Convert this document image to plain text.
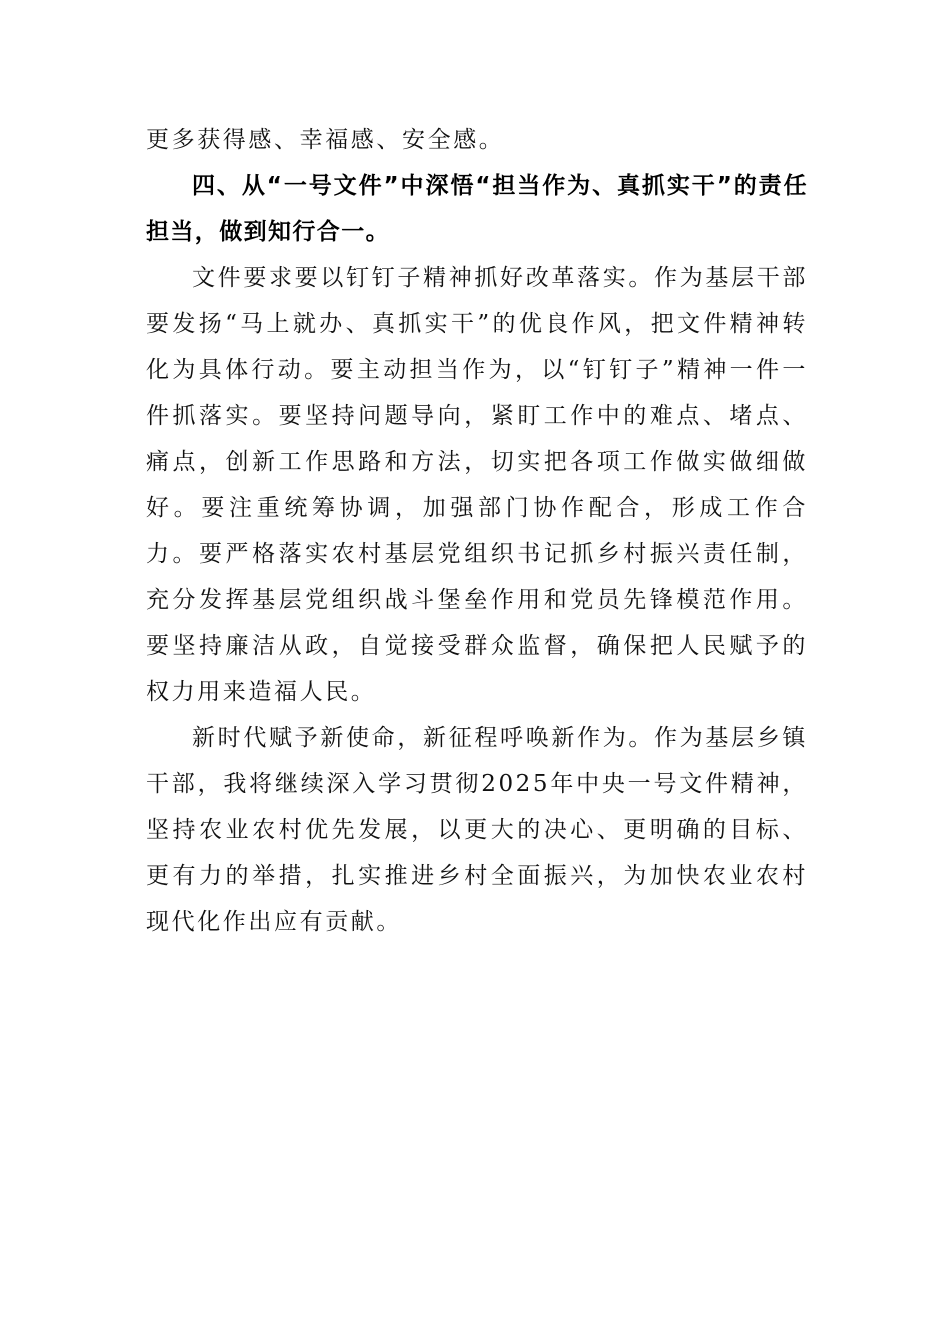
更多获得感、幸福感、安全感。

四、从“一号文件”中深悟“担当作为、真抓实干”的责任担当，做到知行合一。

文件要求要以钉钉子精神抓好改革落实。作为基层干部要发扬“马上就办、真抓实干”的优良作风，把文件精神转化为具体行动。要主动担当作为，以“钉钉子”精神一件一件抓落实。要坚持问题导向，紧盯工作中的难点、堵点、痛点，创新工作思路和方法，切实把各项工作做实做细做好。要注重统筹协调，加强部门协作配合，形成工作合力。要严格落实农村基层党组织书记抓乡村振兴责任制，充分发挥基层党组织战斗堡垒作用和党员先锋模范作用。要坚持廉洁从政，自觉接受群众监督，确保把人民赋予的权力用来造福人民。

新时代赋予新使命，新征程呼唤新作为。作为基层乡镇干部，我将继续深入学习贯彻2025年中央一号文件精神，坚持农业农村优先发展，以更大的决心、更明确的目标、更有力的举措，扎实推进乡村全面振兴，为加快农业农村现代化作出应有贡献。
